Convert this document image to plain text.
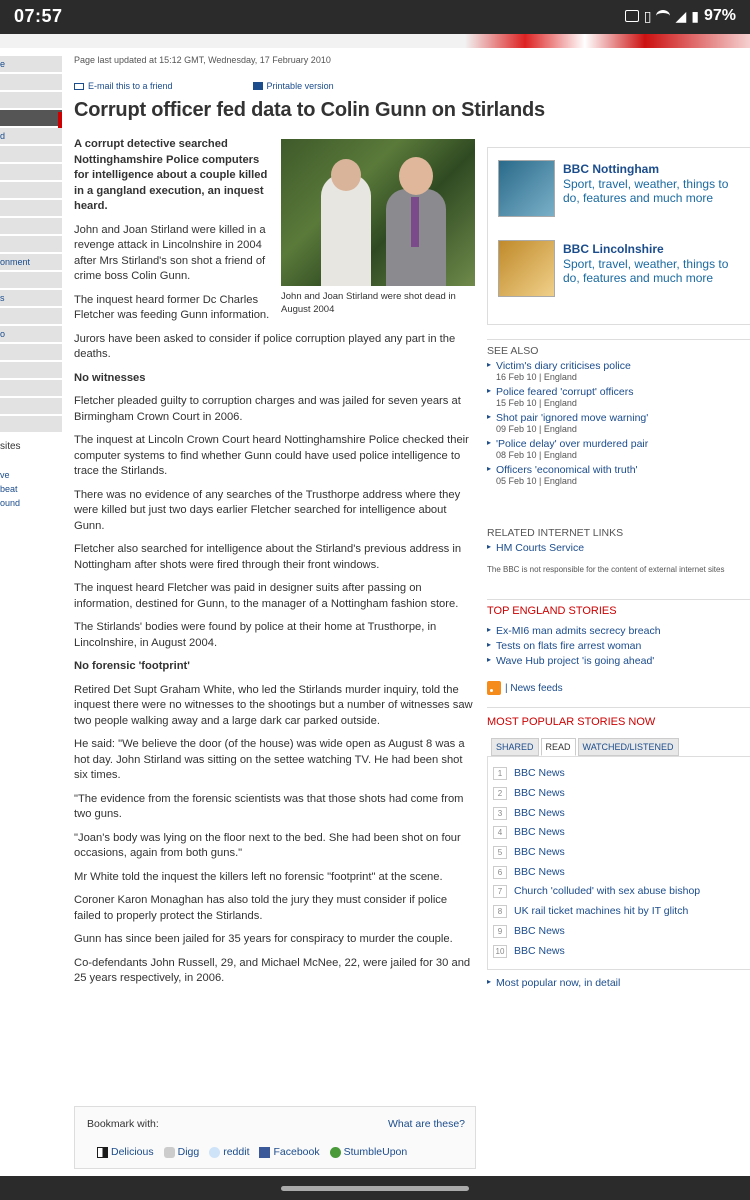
07:57	▯ ◢ ▮ 97%
e
d
onment
s
o
sites
ve
beat
ound
Page last updated at 15:12 GMT, Wednesday, 17 February 2010
E-mail this to a friend	Printable version
Corrupt officer fed data to Colin Gunn on Stirlands
John and Joan Stirland were shot dead in August 2004

A corrupt detective searched Nottinghamshire Police computers for intelligence about a couple killed in a gangland execution, an inquest heard.

John and Joan Stirland were killed in a revenge attack in Lincolnshire in 2004 after Mrs Stirland's son shot a friend of crime boss Colin Gunn.

The inquest heard former Dc Charles Fletcher was feeding Gunn information.

Jurors have been asked to consider if police corruption played any part in the deaths.

No witnesses

Fletcher pleaded guilty to corruption charges and was jailed for seven years at Birmingham Crown Court in 2006.

The inquest at Lincoln Crown Court heard Nottinghamshire Police checked their computer systems to find whether Gunn could have used police intelligence to trace the Stirlands.

There was no evidence of any searches of the Trusthorpe address where they were killed but just two days earlier Fletcher searched for intelligence about Gunn.

Fletcher also searched for intelligence about the Stirland's previous address in Nottingham after shots were fired through their front windows.

The inquest heard Fletcher was paid in designer suits after passing on information, destined for Gunn, to the manager of a Nottingham fashion store.

The Stirlands' bodies were found by police at their home at Trusthorpe, in Lincolnshire, in August 2004.

No forensic 'footprint'

Retired Det Supt Graham White, who led the Stirlands murder inquiry, told the inquest there were no witnesses to the shootings but a number of witnesses saw two people walking away and a large dark car parked outside.

He said: "We believe the door (of the house) was wide open as August 8 was a hot day. John Stirland was sitting on the settee watching TV. He had been shot six times.

"The evidence from the forensic scientists was that those shots had come from two guns.

"Joan's body was lying on the floor next to the bed. She had been shot on four occasions, again from both guns."

Mr White told the inquest the killers left no forensic "footprint" at the scene.

Coroner Karon Monaghan has also told the jury they must consider if police failed to properly protect the Stirlands.

Gunn has since been jailed for 35 years for conspiracy to murder the couple.

Co-defendants John Russell, 29, and Michael McNee, 22, were jailed for 30 and 25 years respectively, in 2006.

Bookmark with:	What are these?
Delicious Digg reddit Facebook StumbleUpon
BBC Nottingham
Sport, travel, weather, things to do, features and much more
BBC Lincolnshire
Sport, travel, weather, things to do, features and much more
SEE ALSO
▸ Victim's diary criticises police
16 Feb 10 | England
▸ Police feared 'corrupt' officers
15 Feb 10 | England
▸ Shot pair 'ignored move warning'
09 Feb 10 | England
▸ 'Police delay' over murdered pair
08 Feb 10 | England
▸ Officers 'economical with truth'
05 Feb 10 | England
RELATED INTERNET LINKS
▸ HM Courts Service
The BBC is not responsible for the content of external internet sites
TOP ENGLAND STORIES
▸ Ex-MI6 man admits secrecy breach
▸ Tests on flats fire arrest woman
▸ Wave Hub project 'is going ahead'
| News feeds
MOST POPULAR STORIES NOW
SHARED	READ	WATCHED/LISTENED
1	BBC News
2	BBC News
3	BBC News
4	BBC News
5	BBC News
6	BBC News
7	Church 'colluded' with sex abuse bishop
8	UK rail ticket machines hit by IT glitch
9	BBC News
10 BBC News
▸ Most popular now, in detail
